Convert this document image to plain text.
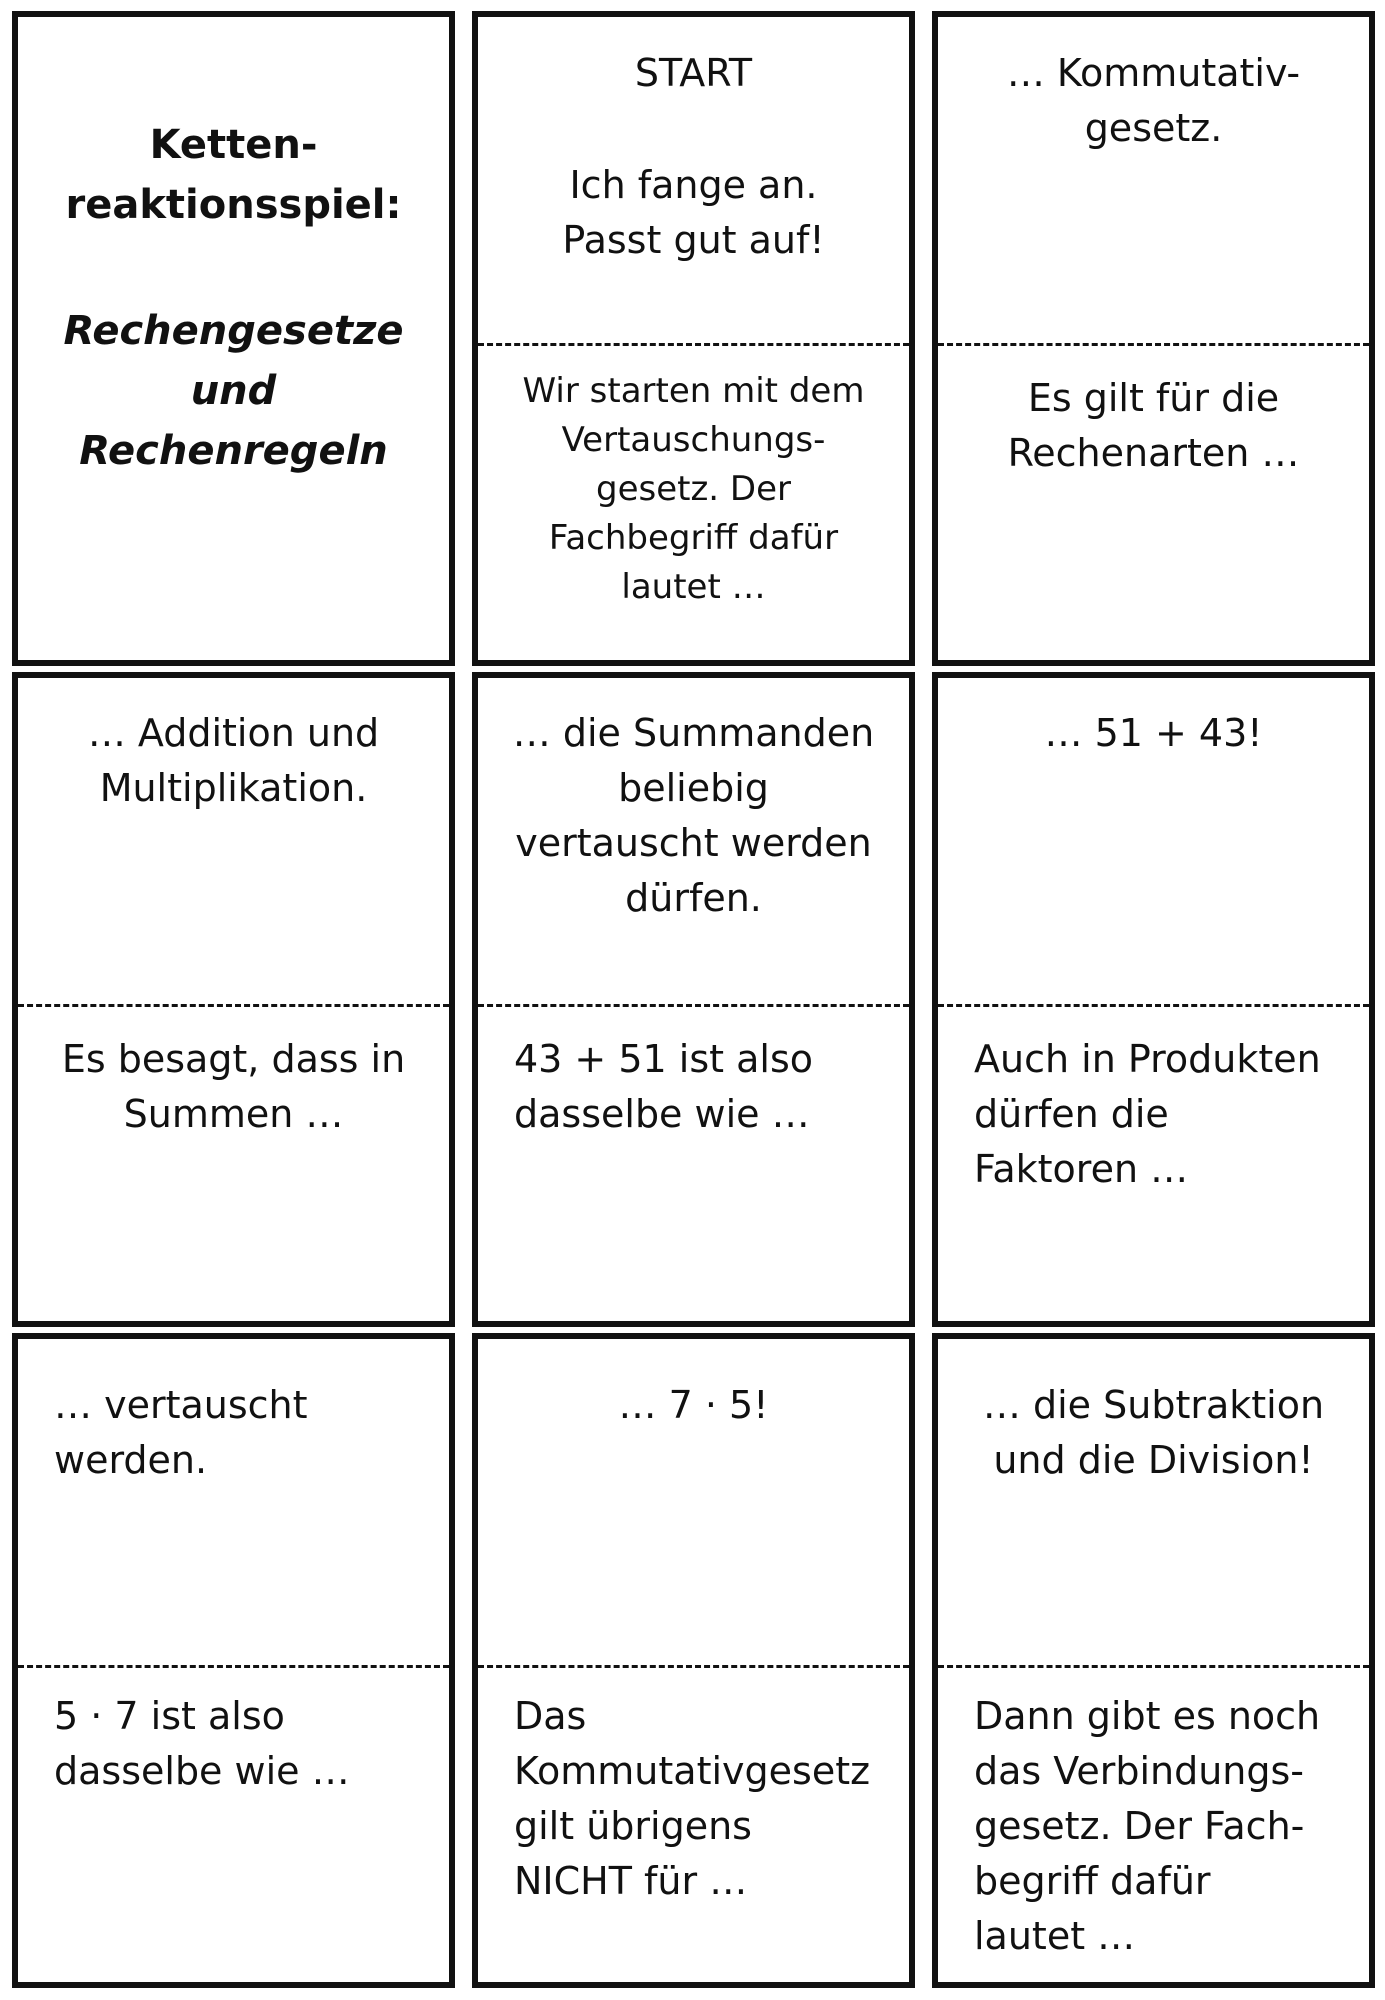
Ketten-
reaktionsspiel:
Rechengesetze
und
Rechenregeln
START
Ich fange an.
Passt gut auf!
Wir starten mit dem
Vertauschungs-
gesetz. Der
Fachbegriff dafür
lautet …
… Kommutativ-
gesetz.
Es gilt für die
Rechenarten …
… Addition und
Multiplikation.
Es besagt, dass in
Summen …
… die Summanden
beliebig
vertauscht werden
dürfen.
43 + 51 ist also
dasselbe wie …
… 51 + 43!
Auch in Produkten
dürfen die
Faktoren …
… vertauscht
werden.
5 · 7 ist also
dasselbe wie …
… 7 · 5!
Das
Kommutativgesetz
gilt übrigens
NICHT für …
… die Subtraktion
und die Division!
Dann gibt es noch
das Verbindungs-
gesetz. Der Fach-
begriff dafür
lautet …
